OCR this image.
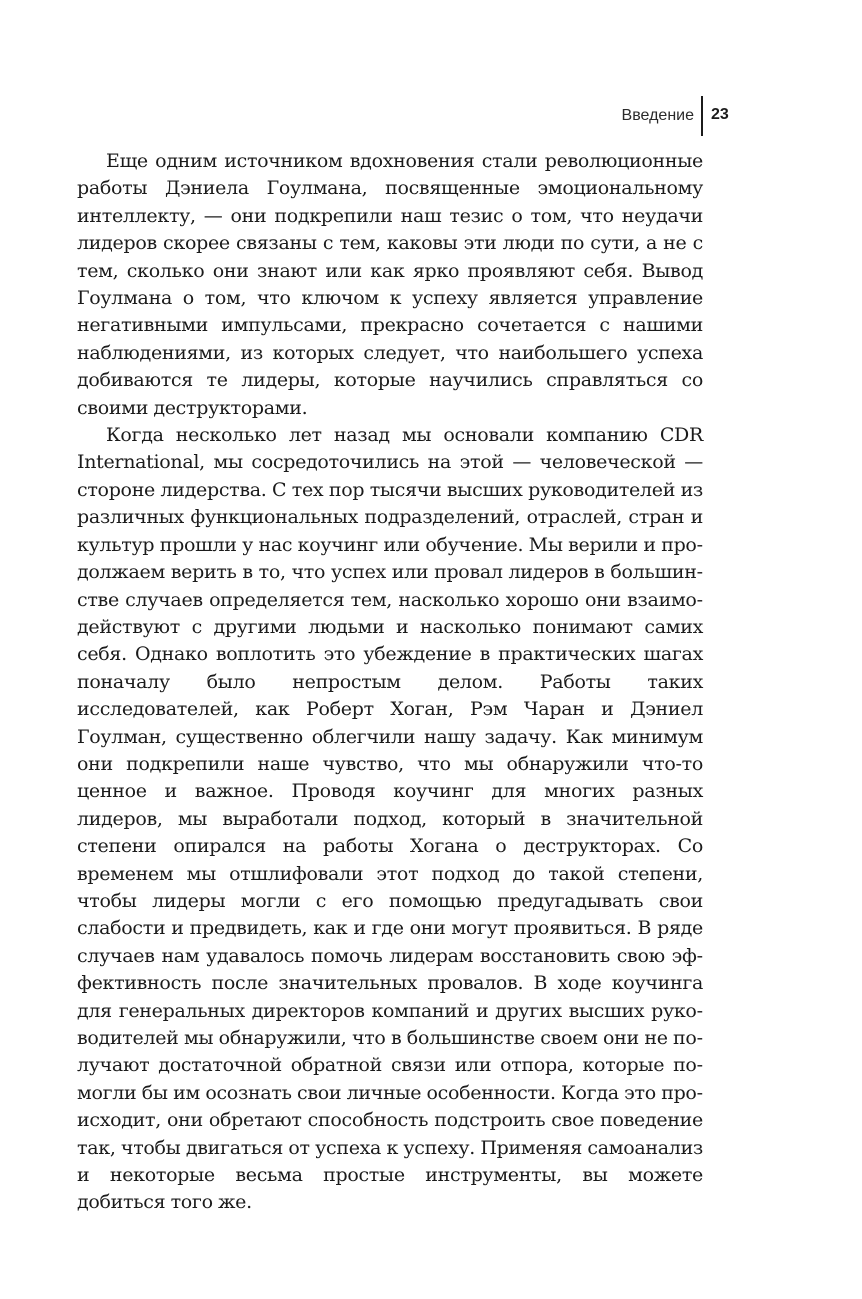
Введение 23

Еще одним источником вдохновения стали революционные работы Дэниела Гоулмана, посвященные эмоциональному интеллекту, — они подкрепили наш тезис о том, что неудачи лидеров скорее связаны с тем, каковы эти люди по сути, а не с тем, сколько они знают или как ярко проявляют себя. Вывод Гоулмана о том, что ключом к успеху является управление негативными импульсами, прекрасно сочетается с нашими наблюдениями, из которых следует, что наибольшего успеха добиваются те лидеры, которые научились справляться со своими деструкторами.

Когда несколько лет назад мы основали компанию CDR International, мы сосредоточились на этой — человеческой — стороне лидерства. С тех пор тысячи высших руководителей из различных функциональных подразделений, отраслей, стран и культур прошли у нас коучинг или обучение. Мы верили и продолжаем верить в то, что успех или провал лидеров в большинстве случаев определяется тем, насколько хорошо они взаимодействуют с другими людьми и насколько понимают самих себя. Однако воплотить это убеждение в практических шагах поначалу было непростым делом. Работы таких исследователей, как Роберт Хоган, Рэм Чаран и Дэниел Гоулман, существенно облегчили нашу задачу. Как минимум они подкрепили наше чувство, что мы обнаружили что-то ценное и важное. Проводя коучинг для многих разных лидеров, мы выработали подход, который в значительной степени опирался на работы Хогана о деструкторах. Со временем мы отшлифовали этот подход до такой степени, чтобы лидеры могли с его помощью предугадывать свои слабости и предвидеть, как и где они могут проявиться. В ряде случаев нам удавалось помочь лидерам восстановить свою эффективность после значительных провалов. В ходе коучинга для генеральных директоров компаний и других высших руководителей мы обнаружили, что в большинстве своем они не получают достаточной обратной связи или отпора, которые помогли бы им осознать свои личные особенности. Когда это происходит, они обретают способность подстроить свое поведение так, чтобы двигаться от успеха к успеху. Применяя самоанализ и некоторые весьма простые инструменты, вы можете добиться того же.
